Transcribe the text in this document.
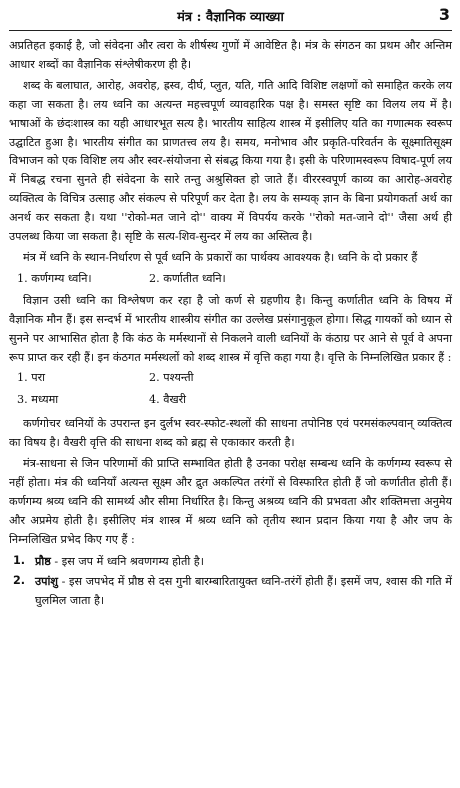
मंत्र : वैज्ञानिक व्याख्या	3

अप्रतिहत इकाई है, जो संवेदना और त्वरा के शीर्षस्थ गुणों में आवेष्टित है। मंत्र के संगठन का प्रथम और अन्तिम आधार शब्दों का वैज्ञानिक संश्लेषीकरण ही है।

शब्द के बलाघात, आरोह, अवरोह, ह्रस्व, दीर्घ, प्लुत, यति, गति आदि विशिष्ट लक्षणों को समाहित करके लय कहा जा सकता है। लय ध्वनि का अत्यन्त महत्त्वपूर्ण व्यावहारिक पक्ष है। समस्त सृष्टि का विलय लय में है। भाषाओं के छंदःशास्त्र का यही आधारभूत सत्य है। भारतीय साहित्य शास्त्र में इसीलिए यति का गणात्मक स्वरूप उद्घाटित हुआ है। भारतीय संगीत का प्राणतत्त्व लय है। समय, मनोभाव और प्रकृति-परिवर्तन के सूक्ष्मातिसूक्ष्म विभाजन को एक विशिष्ट लय और स्वर-संयोजना से संबद्ध किया गया है। इसी के परिणामस्वरूप विषाद-पूर्ण लय में निबद्ध रचना सुनते ही संवेदना के सारे तन्तु अश्रुसिक्त हो जाते हैं। वीररस्वपूर्ण काव्य का आरोह-अवरोह व्यक्तित्व के विचित्र उत्साह और संकल्प से परिपूर्ण कर देता है। लय के सम्यक् ज्ञान के बिना प्रयोगकर्ता अर्थ का अनर्थ कर सकता है। यथा ''रोको-मत जाने दो'' वाक्य में विपर्यय करके ''रोको मत-जाने दो'' जैसा अर्थ ही उपलब्ध किया जा सकता है। सृष्टि के सत्य-शिव-सुन्दर में लय का अस्तित्व है।

मंत्र में ध्वनि के स्थान-निर्धारण से पूर्व ध्वनि के प्रकारों का पार्थक्य आवश्यक है। ध्वनि के दो प्रकार हैं

1. कर्णगम्य ध्वनि।	2. कर्णातीत ध्वनि।

विज्ञान उसी ध्वनि का विश्लेषण कर रहा है जो कर्ण से ग्रहणीय है। किन्तु कर्णातीत ध्वनि के विषय में वैज्ञानिक मौन हैं। इस सन्दर्भ में भारतीय शास्त्रीय संगीत का उल्लेख प्रसंगानुकूल होगा। सिद्ध गायकों को ध्यान से सुनने पर आभासित होता है कि कंठ के मर्मस्थानों से निकलने वाली ध्वनियों के कंठाग्र पर आने से पूर्व वे अपना रूप प्राप्त कर रही हैं। इन कंठगत मर्मस्थलों को शब्द शास्त्र में वृत्ति कहा गया है। वृत्ति के निम्नलिखित प्रकार हैं :

1. परा	2. पश्यन्ती
3. मध्यमा	4. वैखरी

कर्णगोचर ध्वनियों के उपरान्त इन दुर्लभ स्वर-स्फोट-स्थलों की साधना तपोनिष्ठ एवं परमसंकल्पवान् व्यक्तित्व का विषय है। वैखरी वृत्ति की साधना शब्द को ब्रह्म से एकाकार करती है।

मंत्र-साधना से जिन परिणामों की प्राप्ति सम्भावित होती है उनका परोक्ष सम्बन्ध ध्वनि के कर्णगम्य स्वरूप से नहीं होता। मंत्र की ध्वनियाँ अत्यन्त सूक्ष्म और द्रुत अकल्पित तरंगों से विस्फारित होती हैं जो कर्णातीत होती हैं। कर्णगम्य श्रव्य ध्वनि की सामर्थ्य और सीमा निर्धारित है। किन्तु अश्रव्य ध्वनि की प्रभवता और शक्तिमत्ता अनुमेय और अप्रमेय होती है। इसीलिए मंत्र शास्त्र में श्रव्य ध्वनि को तृतीय स्थान प्रदान किया गया है और जप के निम्नलिखित प्रभेद किए गए हैं :

1. प्रौष्ठ - इस जप में ध्वनि श्रवणगम्य होती है।
2. उपांशु - इस जपभेद में प्रौष्ठ से दस गुनी बारम्बारितायुक्त ध्वनि-तरंगें होती हैं। इसमें जप, श्वास की गति में घुलमिल जाता है।
